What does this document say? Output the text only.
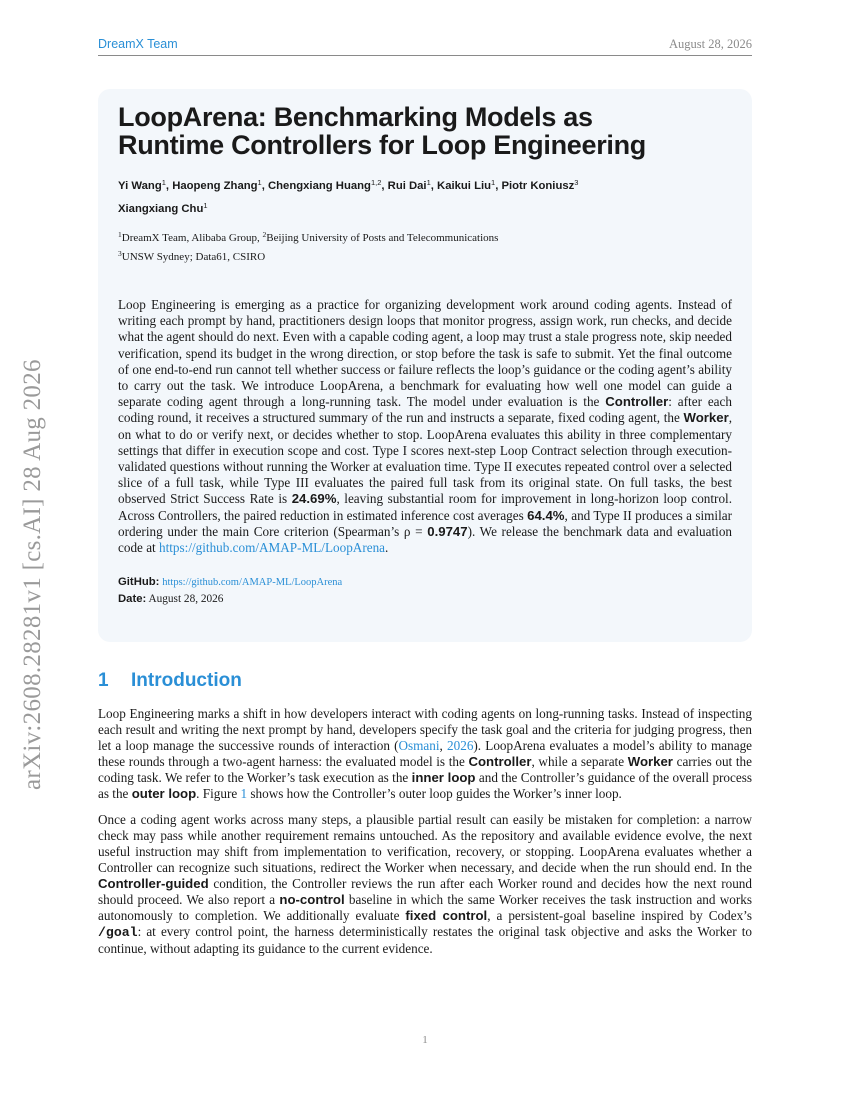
DreamX Team	August 28, 2026
arXiv:2608.28281v1 [cs.AI] 28 Aug 2026
LoopArena: Benchmarking Models as
Runtime Controllers for Loop Engineering
Yi Wang$^1$, Haopeng Zhang$^1$, Chengxiang Huang$^{1,2}$, Rui Dai$^1$, Kaikui Liu$^1$, Piotr Koniusz$^3$
Xiangxiang Chu$^1$
$^1$DreamX Team, Alibaba Group, $^2$Beijing University of Posts and Telecommunications
$^3$UNSW Sydney; Data61, CSIRO
Loop Engineering is emerging as a practice for organizing development work around coding agents. Instead of writing each prompt by hand, practitioners design loops that monitor progress, assign work, run checks, and decide what the agent should do next. Even with a capable coding agent, a loop may trust a stale progress note, skip needed verification, spend its budget in the wrong direction, or stop before the task is safe to submit. Yet the final outcome of one end-to-end run cannot tell whether success or failure reflects the loop’s guidance or the coding agent’s ability to carry out the task. We introduce LoopArena, a benchmark for evaluating how well one model can guide a separate coding agent through a long-running task. The model under evaluation is the Controller: after each coding round, it receives a structured summary of the run and instructs a separate, fixed coding agent, the Worker, on what to do or verify next, or decides whether to stop. LoopArena evaluates this ability in three complementary settings that differ in execution scope and cost. Type I scores next-step Loop Contract selection through execution-validated questions without running the Worker at evaluation time. Type II executes repeated control over a selected slice of a full task, while Type III evaluates the paired full task from its original state. On full tasks, the best observed Strict Success Rate is 24.69%, leaving substantial room for improvement in long-horizon loop control. Across Controllers, the paired reduction in estimated inference cost averages 64.4%, and Type II produces a similar ordering under the main Core criterion (Spearman’s ρ = 0.9747). We release the benchmark data and evaluation code at https://github.com/AMAP-ML/LoopArena.
GitHub: https://github.com/AMAP-ML/LoopArena
Date: August 28, 2026
1 Introduction

Loop Engineering marks a shift in how developers interact with coding agents on long-running tasks. Instead of inspecting each result and writing the next prompt by hand, developers specify the task goal and the criteria for judging progress, then let a loop manage the successive rounds of interaction (Osmani, 2026). LoopArena evaluates a model’s ability to manage these rounds through a two-agent harness: the evaluated model is the Controller, while a separate Worker carries out the coding task. We refer to the Worker’s task execution as the inner loop and the Controller’s guidance of the overall process as the outer loop. Figure 1 shows how the Controller’s outer loop guides the Worker’s inner loop.

Once a coding agent works across many steps, a plausible partial result can easily be mistaken for completion: a narrow check may pass while another requirement remains untouched. As the repository and available evidence evolve, the next useful instruction may shift from implementation to verification, recovery, or stopping. LoopArena evaluates whether a Controller can recognize such situations, redirect the Worker when necessary, and decide when the run should end. In the Controller-guided condition, the Controller reviews the run after each Worker round and decides how the next round should proceed. We also report a no-control baseline in which the same Worker receives the task instruction and works autonomously to completion. We additionally evaluate fixed control, a persistent-goal baseline inspired by Codex’s /goal: at every control point, the harness deterministically restates the original task objective and asks the Worker to continue, without adapting its guidance to the current evidence.

1
